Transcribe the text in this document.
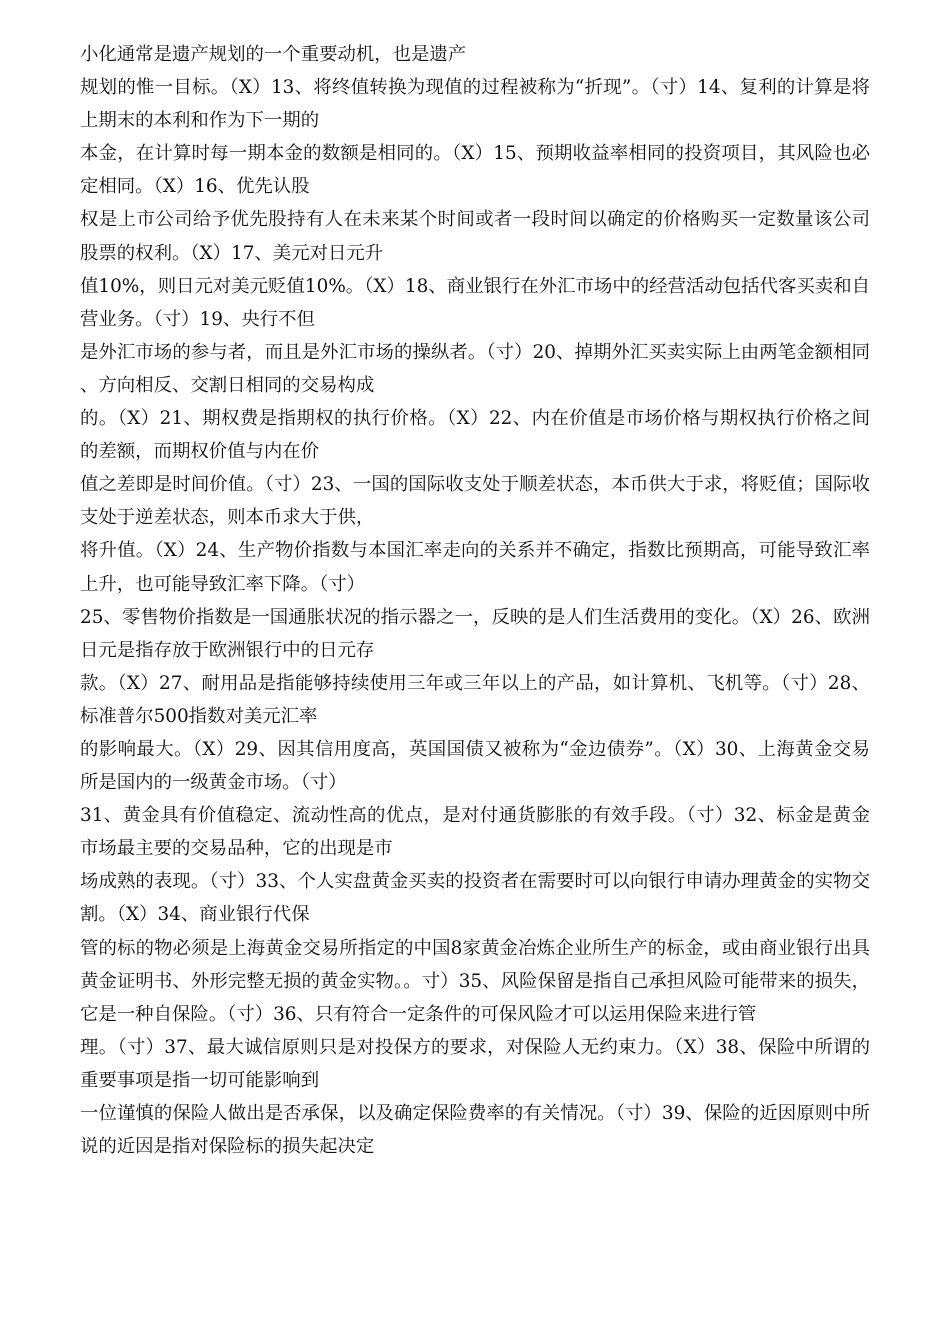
小化通常是遗产规划的一个重要动机，也是遗产

规划的惟一目标。（X）13、将终值转换为现值的过程被称为“折现”。（寸）14、复利的计算是将上期末的本利和作为下一期的

本金，在计算时每一期本金的数额是相同的。（X）15、预期收益率相同的投资项目，其风险也必定相同。（X）16、优先认股

权是上市公司给予优先股持有人在未来某个时间或者一段时间以确定的价格购买一定数量该公司股票的权利。（X）17、美元对日元升

值10%，则日元对美元贬值10%。（X）18、商业银行在外汇市场中的经营活动包括代客买卖和自营业务。（寸）19、央行不但

是外汇市场的参与者，而且是外汇市场的操纵者。（寸）20、掉期外汇买卖实际上由两笔金额相同、方向相反、交割日相同的交易构成

的。（X）21、期权费是指期权的执行价格。（X）22、内在价值是市场价格与期权执行价格之间的差额，而期权价值与内在价

值之差即是时间价值。（寸）23、一国的国际收支处于顺差状态，本币供大于求，将贬值；国际收支处于逆差状态，则本币求大于供，

将升值。（X）24、生产物价指数与本国汇率走向的关系并不确定，指数比预期高，可能导致汇率上升，也可能导致汇率下降。（寸）

25、零售物价指数是一国通胀状况的指示器之一，反映的是人们生活费用的变化。（X）26、欧洲日元是指存放于欧洲银行中的日元存

款。（X）27、耐用品是指能够持续使用三年或三年以上的产品，如计算机、飞机等。（寸）28、标准普尔500指数对美元汇率

的影响最大。（X）29、因其信用度高，英国国债又被称为“金边债券”。（X）30、上海黄金交易所是国内的一级黄金市场。（寸）

31、黄金具有价值稳定、流动性高的优点，是对付通货膨胀的有效手段。（寸）32、标金是黄金市场最主要的交易品种，它的出现是市

场成熟的表现。（寸）33、个人实盘黄金买卖的投资者在需要时可以向银行申请办理黄金的实物交割。（X）34、商业银行代保

管的标的物必须是上海黄金交易所指定的中国8家黄金冶炼企业所生产的标金，或由商业银行出具黄金证明书、外形完整无损的黄金实物。。寸）35、风险保留是指自己承担风险可能带来的损失，它是一种自保险。（寸）36、只有符合一定条件的可保风险才可以运用保险来进行管

理。（寸）37、最大诚信原则只是对投保方的要求，对保险人无约束力。（X）38、保险中所谓的重要事项是指一切可能影响到

一位谨慎的保险人做出是否承保，以及确定保险费率的有关情况。（寸）39、保险的近因原则中所说的近因是指对保险标的损失起决定
